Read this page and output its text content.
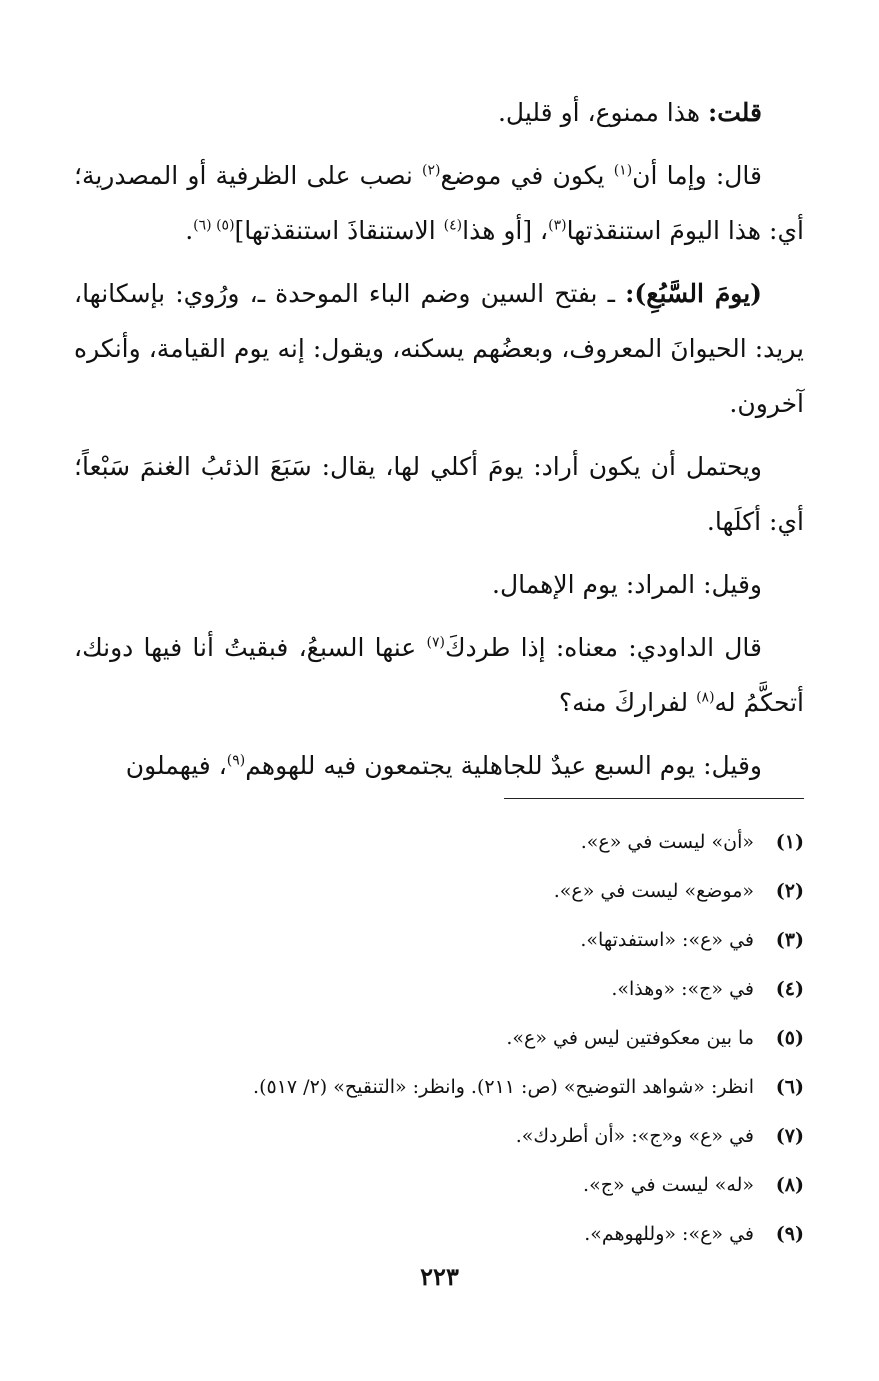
قلت: هذا ممنوع، أو قليل.

قال: وإما أن$^{(١)}$ يكون في موضع$^{(٢)}$ نصب على الظرفية أو المصدرية؛ أي: هذا اليومَ استنقذتها$^{(٣)}$، [أو هذا$^{(٤)}$ الاستنقاذَ استنقذتها]$^{(٥)}$ $^{(٦)}$.

(يومَ السَّبُعِ): ـ بفتح السين وضم الباء الموحدة ـ، ورُوي: بإسكانها، يريد: الحيوانَ المعروف، وبعضُهم يسكنه، ويقول: إنه يوم القيامة، وأنكره آخرون.

ويحتمل أن يكون أراد: يومَ أكلي لها، يقال: سَبَعَ الذئبُ الغنمَ سَبْعاً؛ أي: أكلَها.

وقيل: المراد: يوم الإهمال.

قال الداودي: معناه: إذا طردكَ$^{(٧)}$ عنها السبعُ، فبقيتُ أنا فيها دونك، أتحكَّمُ له$^{(٨)}$ لفراركَ منه؟

وقيل: يوم السبع عيدٌ للجاهلية يجتمعون فيه للهوهم$^{(٩)}$، فيهملون

(١)
«أن» ليست في «ع».
(٢)
«موضع» ليست في «ع».
(٣)
في «ع»: «استفدتها».
(٤)
في «ج»: «وهذا».
(٥)
ما بين معكوفتين ليس في «ع».
(٦)
انظر: «شواهد التوضيح» (ص: ٢١١). وانظر: «التنقيح» (٢/ ٥١٧).
(٧)
في «ع» و«ج»: «أن أطردك».
(٨)
«له» ليست في «ج».
(٩)
في «ع»: «وللهوهم».
٢٢٣
